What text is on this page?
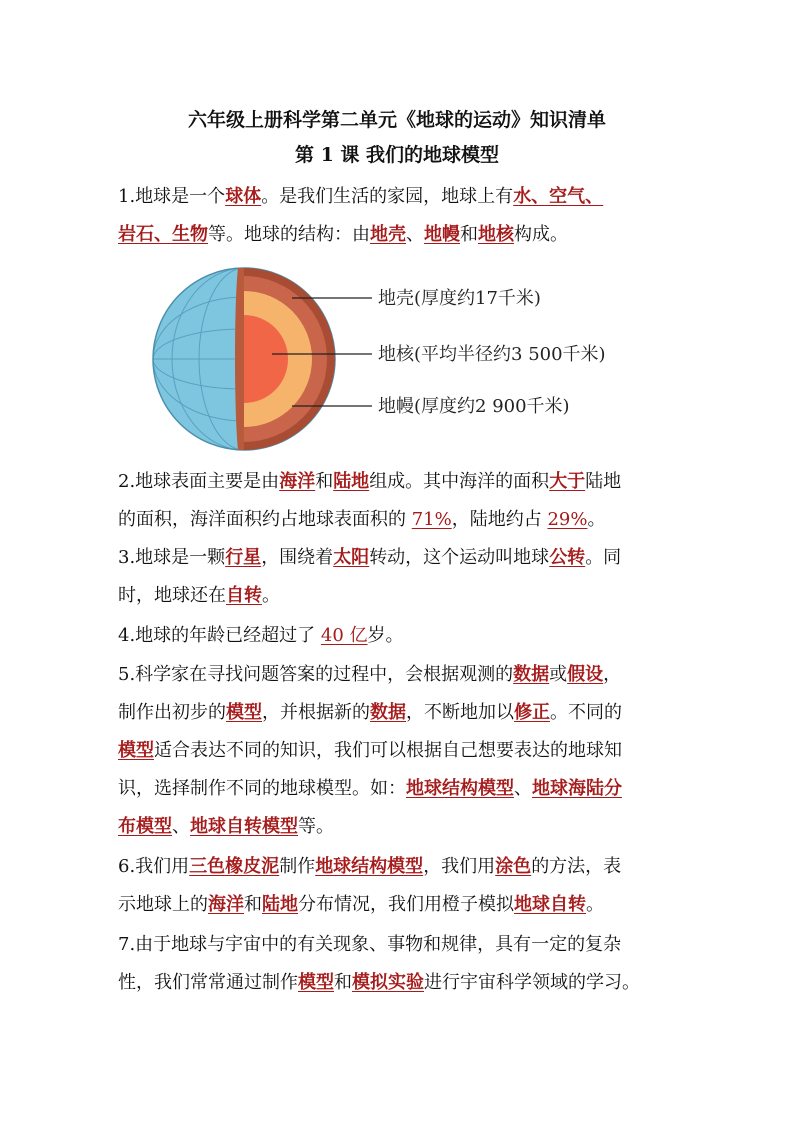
六年级上册科学第二单元《地球的运动》知识清单
第 1 课 我们的地球模型
1.地球是一个球体。是我们生活的家园，地球上有水、空气、
岩石、生物等。地球的结构：由地壳、地幔和地核构成。
地壳(厚度约17千米)
地核(平均半径约3 500千米)
地幔(厚度约2 900千米)
2.地球表面主要是由海洋和陆地组成。其中海洋的面积大于陆地
的面积，海洋面积约占地球表面积的 71%，陆地约占 29%。
3.地球是一颗行星，围绕着太阳转动，这个运动叫地球公转。同
时，地球还在自转。
4.地球的年龄已经超过了 40 亿岁。
5.科学家在寻找问题答案的过程中，会根据观测的数据或假设，
制作出初步的模型，并根据新的数据，不断地加以修正。不同的
模型适合表达不同的知识，我们可以根据自己想要表达的地球知
识，选择制作不同的地球模型。如：地球结构模型、地球海陆分
布模型、地球自转模型等。
6.我们用三色橡皮泥制作地球结构模型，我们用涂色的方法，表
示地球上的海洋和陆地分布情况，我们用橙子模拟地球自转。
7.由于地球与宇宙中的有关现象、事物和规律，具有一定的复杂
性，我们常常通过制作模型和模拟实验进行宇宙科学领域的学习。
